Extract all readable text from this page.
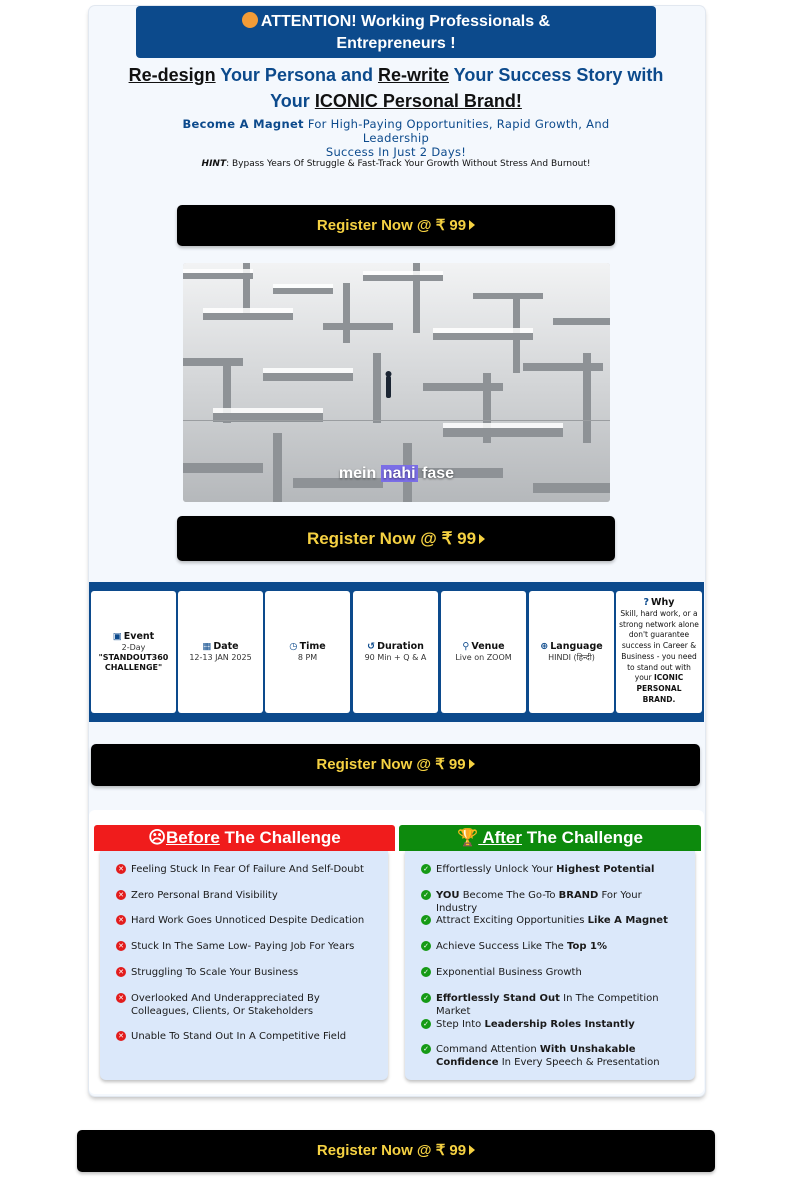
ATTENTION! Working Professionals &
Entrepreneurs !
Re-design Your Persona and Re-write Your Success Story with
Your ICONIC Personal Brand!
Become A Magnet For High-Paying Opportunities, Rapid Growth, And Leadership
Success In Just 2 Days!
HINT: Bypass Years Of Struggle & Fast-Track Your Growth Without Stress And Burnout!
Register Now @ ₹ 99
mein nahi fase
Register Now @ ₹ 99
▣ Event
2-Day
"STANDOUT360
CHALLENGE"
▦ Date
12-13 JAN 2025
◷ Time
8 PM
↺ Duration
90 Min + Q & A
⚲ Venue
Live on ZOOM
⊕ Language
HINDI (हिन्दी)
? Why
Skill, hard work, or a strong network alone don't guarantee success in Career & Business - you need to stand out with your ICONIC PERSONAL BRAND.
Register Now @ ₹ 99
☹Before The Challenge	🏆 After The Challenge
✕ Feeling Stuck In Fear Of Failure And Self-Doubt
✕ Zero Personal Brand Visibility
✕ Hard Work Goes Unnoticed Despite Dedication
✕ Stuck In The Same Low- Paying Job For Years
✕ Struggling To Scale Your Business
✕ Overlooked And Underappreciated By Colleagues, Clients, Or Stakeholders
✕ Unable To Stand Out In A Competitive Field
✓ Effortlessly Unlock Your Highest Potential
✓ YOU Become The Go-To BRAND For Your Industry
✓ Attract Exciting Opportunities Like A Magnet
✓ Achieve Success Like The Top 1%
✓ Exponential Business Growth
✓ Effortlessly Stand Out In The Competition Market
✓ Step Into Leadership Roles Instantly
✓ Command Attention With Unshakable Confidence In Every Speech & Presentation
Register Now @ ₹ 99
